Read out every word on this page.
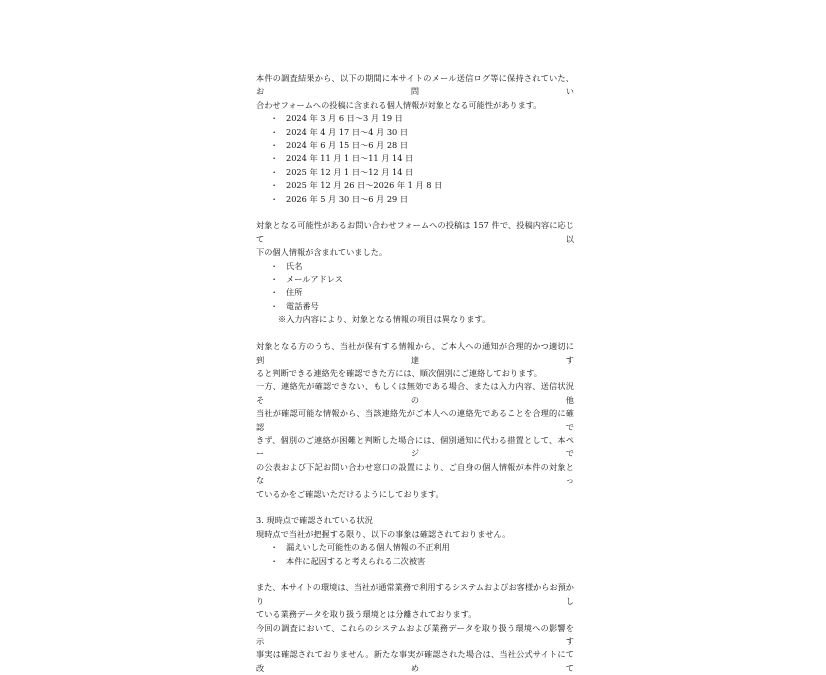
本件の調査結果から、以下の期間に本サイトのメール送信ログ等に保持されていた、お問い
合わせフォームへの投稿に含まれる個人情報が対象となる可能性があります。
・ 2024 年 3 月 6 日～3 月 19 日
・ 2024 年 4 月 17 日～4 月 30 日
・ 2024 年 6 月 15 日～6 月 28 日
・ 2024 年 11 月 1 日～11 月 14 日
・ 2025 年 12 月 1 日～12 月 14 日
・ 2025 年 12 月 26 日～2026 年 1 月 8 日
・ 2026 年 5 月 30 日～6 月 29 日
対象となる可能性があるお問い合わせフォームへの投稿は 157 件で、投稿内容に応じて以
下の個人情報が含まれていました。
・ 氏名
・ メールアドレス
・ 住所
・ 電話番号
※入力内容により、対象となる情報の項目は異なります。
対象となる方のうち、当社が保有する情報から、ご本人への通知が合理的かつ適切に到達す
ると判断できる連絡先を確認できた方には、順次個別にご連絡しております。
一方、連絡先が確認できない、もしくは無効である場合、または入力内容、送信状況その他
当社が確認可能な情報から、当該連絡先がご本人への連絡先であることを合理的に確認で
きず、個別のご連絡が困難と判断した場合には、個別通知に代わる措置として、本ページで
の公表および下記お問い合わせ窓口の設置により、ご自身の個人情報が本件の対象となっ
ているかをご確認いただけるようにしております。
3. 現時点で確認されている状況
現時点で当社が把握する限り、以下の事象は確認されておりません。
・ 漏えいした可能性のある個人情報の不正利用
・ 本件に起因すると考えられる二次被害
また、本サイトの環境は、当社が通常業務で利用するシステムおよびお客様からお預かりし
ている業務データを取り扱う環境とは分離されております。
今回の調査において、これらのシステムおよび業務データを取り扱う環境への影響を示す
事実は確認されておりません。新たな事実が確認された場合は、当社公式サイトにて改めて
